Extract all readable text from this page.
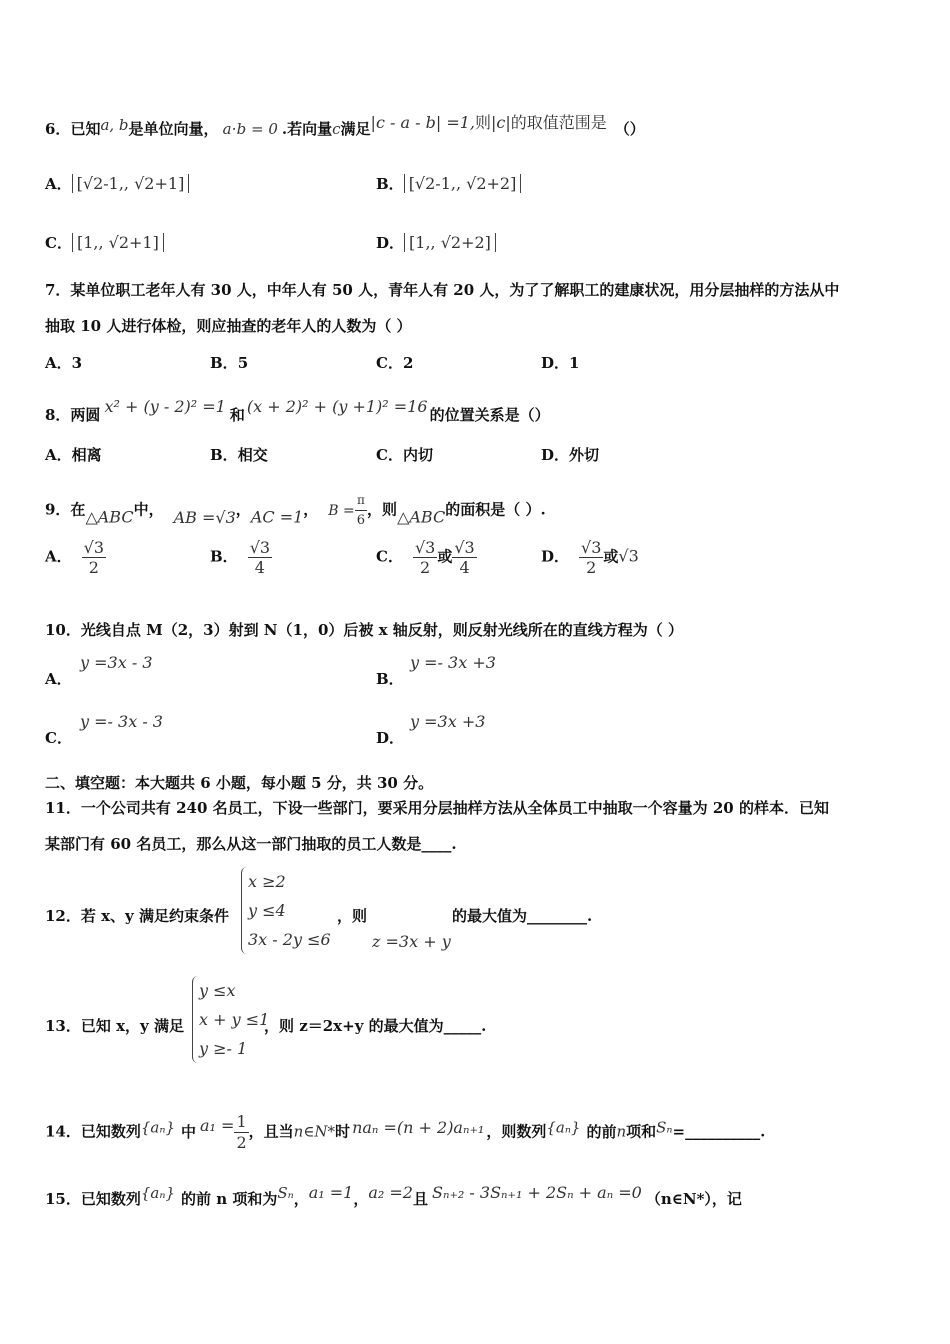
6．已知a, b是单位向量， a⋅b = 0 .若向量c满足|c - a - b| =1,则|c|的取值范围是 （）
A． [√2-1,, √2+1]	B． [√2-1,, √2+2]
C． [1,, √2+1]	D． [1,, √2+2]
7．某单位职工老年人有 30 人，中年人有 50 人，青年人有 20 人，为了了解职工的建康状况，用分层抽样的方法从中
抽取 10 人进行体检，则应抽查的老年人的人数为（ ）
A．3	B．5	C．2	D．1
8．两圆 x² + (y - 2)² =1 和 (x + 2)² + (y +1)² =16 的位置关系是（）
A．相离	B．相交	C．内切	D．外切
9．在△ABC中， AB =√3，AC =1， $B = \frac{\pi}{6}$ ，则△ABC的面积是（ ）.
A． $\frac{√3}{2}$	B． $\frac{√3}{4}$	C． $\frac{√3}{2}$ 或 $\frac{√3}{4}$	D． $\frac{√3}{2}$ 或√3
10．光线自点 M（2，3）射到 N（1，0）后被 x 轴反射，则反射光线所在的直线方程为（ ）
A．
y =3x - 3
B．
y =- 3x +3
C．
y =- 3x - 3
D．
y =3x +3
二、填空题：本大题共 6 小题，每小题 5 分，共 30 分。
11．一个公司共有 240 名员工，下设一些部门，要采用分层抽样方法从全体员工中抽取一个容量为 20 的样本．已知
某部门有 60 名员工，那么从这一部门抽取的员工人数是____.
12．若 x、y 满足约束条件
x ≥2
y ≤4
3x - 2y ≤6
，则
z =3x + y
的最大值为________.
13．已知 x，y 满足
y ≤x
x + y ≤1
y ≥- 1
，则 z＝2x+y 的最大值为_____.
14．已知数列{aₙ} 中 $a_1 = \frac{1}{2}$ ，且当n∈N*时 naₙ =(n + 2)aₙ₊₁ ，则数列{aₙ} 的前n项和Sₙ=__________.
15．已知数列{aₙ} 的前 n 项和为Sₙ，a₁ =1，a₂ =2且 Sₙ₊₂ - 3Sₙ₊₁ + 2Sₙ + aₙ =0 （n∈N*），记
